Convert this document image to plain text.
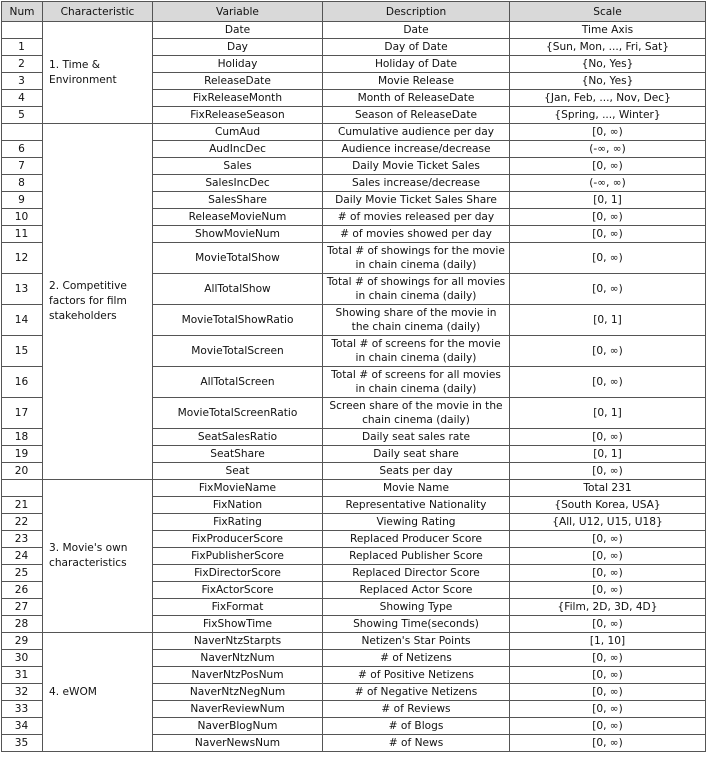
Num	Characteristic	Variable	Description	Scale
	1. Time & Environment	Date	Date	Time Axis
1		Day	Day of Date	{Sun, Mon, ..., Fri, Sat}
2		Holiday	Holiday of Date	{No, Yes}
3		ReleaseDate	Movie Release	{No, Yes}
4		FixReleaseMonth	Month of ReleaseDate	{Jan, Feb, ..., Nov, Dec}
5		FixReleaseSeason	Season of ReleaseDate	{Spring, ..., Winter}
	2. Competitive factors for film stakeholders	CumAud	Cumulative audience per day	[0, ∞)
6		AudIncDec	Audience increase/decrease	(-∞, ∞)
7		Sales	Daily Movie Ticket Sales	[0, ∞)
8		SalesIncDec	Sales increase/decrease	(-∞, ∞)
9		SalesShare	Daily Movie Ticket Sales Share	[0, 1]
10		ReleaseMovieNum	# of movies released per day	[0, ∞)
11		ShowMovieNum	# of movies showed per day	[0, ∞)
12		MovieTotalShow	Total # of showings for the movie in chain cinema (daily)	[0, ∞)
13		AllTotalShow	Total # of showings for all movies in chain cinema (daily)	[0, ∞)
14		MovieTotalShowRatio	Showing share of the movie in the chain cinema (daily)	[0, 1]
15		MovieTotalScreen	Total # of screens for the movie in chain cinema (daily)	[0, ∞)
16		AllTotalScreen	Total # of screens for all movies in chain cinema (daily)	[0, ∞)
17		MovieTotalScreenRatio	Screen share of the movie in the chain cinema (daily)	[0, 1]
18		SeatSalesRatio	Daily seat sales rate	[0, ∞)
19		SeatShare	Daily seat share	[0, 1]
20		Seat	Seats per day	[0, ∞)
	3. Movie's own characteristics	FixMovieName	Movie Name	Total 231
21		FixNation	Representative Nationality	{South Korea, USA}
22		FixRating	Viewing Rating	{All, U12, U15, U18}
23		FixProducerScore	Replaced Producer Score	[0, ∞)
24		FixPublisherScore	Replaced Publisher Score	[0, ∞)
25		FixDirectorScore	Replaced Director Score	[0, ∞)
26		FixActorScore	Replaced Actor Score	[0, ∞)
27		FixFormat	Showing Type	{Film, 2D, 3D, 4D}
28		FixShowTime	Showing Time(seconds)	[0, ∞)
29	4. eWOM	NaverNtzStarpts	Netizen's Star Points	[1, 10]
30		NaverNtzNum	# of Netizens	[0, ∞)
31		NaverNtzPosNum	# of Positive Netizens	[0, ∞)
32		NaverNtzNegNum	# of Negative Netizens	[0, ∞)
33		NaverReviewNum	# of Reviews	[0, ∞)
34		NaverBlogNum	# of Blogs	[0, ∞)
35		NaverNewsNum	# of News	[0, ∞)
